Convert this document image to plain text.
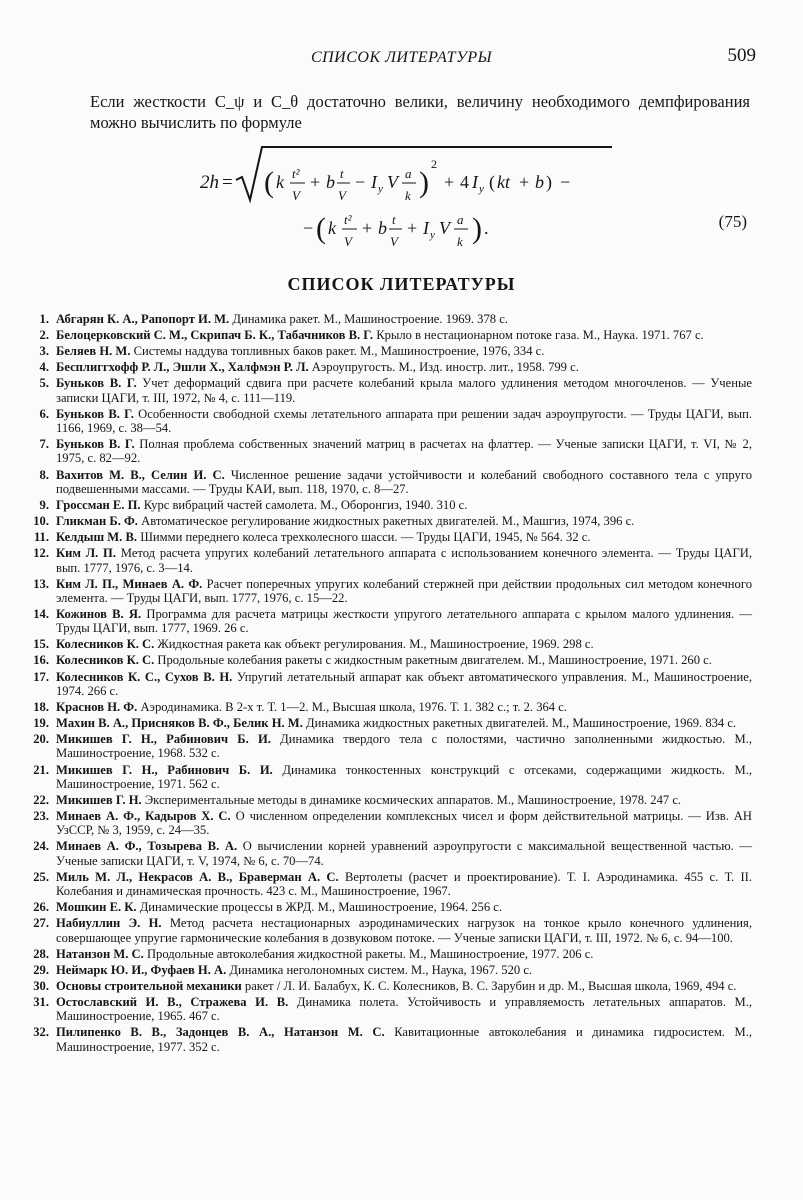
СПИСОК ЛИТЕРАТУРЫ	509
Если жесткости C_ψ и C_θ достаточно велики, величину необходимого демпфирования можно вычислить по формуле
2h = ( k t²
V
+ b t
V
− I y V a
k )
2
+ 4 I y ( kt + b ) −
− ( k t²
V
+ b t
V
+ I y V a
k ) .	(75)
СПИСОК ЛИТЕРАТУРЫ
1. Абгарян К. А., Рапопорт И. М. Динамика ракет. М., Машиностроение. 1969. 378 с.
2. Белоцерковский С. М., Скрипач Б. К., Табачников В. Г. Крыло в нестационарном потоке газа. М., Наука. 1971. 767 с.
3. Беляев Н. М. Системы наддува топливных баков ракет. М., Машиностроение, 1976, 334 с.
4. Бесплиггхофф Р. Л., Эшли Х., Халфмэн Р. Л. Аэроупругость. М., Изд. иностр. лит., 1958. 799 с.
5. Буньков В. Г. Учет деформаций сдвига при расчете колебаний крыла малого удлинения методом многочленов. — Ученые записки ЦАГИ, т. III, 1972, № 4, с. 111—119.
6. Буньков В. Г. Особенности свободной схемы летательного аппарата при решении задач аэроупругости. — Труды ЦАГИ, вып. 1166, 1969, с. 38—54.
7. Буньков В. Г. Полная проблема собственных значений матриц в расчетах на флаттер. — Ученые записки ЦАГИ, т. VI, № 2, 1975, с. 82—92.
8. Вахитов М. В., Селин И. С. Численное решение задачи устойчивости и колебаний свободного составного тела с упруго подвешенными массами. — Труды КАИ, вып. 118, 1970, с. 8—27.
9. Гроссман Е. П. Курс вибраций частей самолета. М., Оборонгиз, 1940. 310 с.
10. Гликман Б. Ф. Автоматическое регулирование жидкостных ракетных двигателей. М., Машгиз, 1974, 396 с.
11. Келдыш М. В. Шимми переднего колеса трехколесного шасси. — Труды ЦАГИ, 1945, № 564. 32 с.
12. Ким Л. П. Метод расчета упругих колебаний летательного аппарата с использованием конечного элемента. — Труды ЦАГИ, вып. 1777, 1976, с. 3—14.
13. Ким Л. П., Минаев А. Ф. Расчет поперечных упругих колебаний стержней при действии продольных сил методом конечного элемента. — Труды ЦАГИ, вып. 1777, 1976, с. 15—22.
14. Кожинов В. Я. Программа для расчета матрицы жесткости упругого летательного аппарата с крылом малого удлинения. — Труды ЦАГИ, вып. 1777, 1969. 26 с.
15. Колесников К. С. Жидкостная ракета как объект регулирования. М., Машиностроение, 1969. 298 с.
16. Колесников К. С. Продольные колебания ракеты с жидкостным ракетным двигателем. М., Машиностроение, 1971. 260 с.
17. Колесников К. С., Сухов В. Н. Упругий летательный аппарат как объект автоматического управления. М., Машиностроение, 1974. 266 с.
18. Краснов Н. Ф. Аэродинамика. В 2-х т. Т. 1—2. М., Высшая школа, 1976. Т. 1. 382 с.; т. 2. 364 с.
19. Махин В. А., Присняков В. Ф., Белик Н. М. Динамика жидкостных ракетных двигателей. М., Машиностроение, 1969. 834 с.
20. Микишев Г. Н., Рабинович Б. И. Динамика твердого тела с полостями, частично заполненными жидкостью. М., Машиностроение, 1968. 532 с.
21. Микишев Г. Н., Рабинович Б. И. Динамика тонкостенных конструкций с отсеками, содержащими жидкость. М., Машиностроение, 1971. 562 с.
22. Микишев Г. Н. Экспериментальные методы в динамике космических аппаратов. М., Машиностроение, 1978. 247 с.
23. Минаев А. Ф., Кадыров Х. С. О численном определении комплексных чисел и форм действительной матрицы. — Изв. АН УзССР, № 3, 1959, с. 24—35.
24. Минаев А. Ф., Тозырева В. А. О вычислении корней уравнений аэроупругости с максимальной вещественной частью. — Ученые записки ЦАГИ, т. V, 1974, № 6, с. 70—74.
25. Миль М. Л., Некрасов А. В., Браверман А. С. Вертолеты (расчет и проектирование). Т. I. Аэродинамика. 455 с. Т. II. Колебания и динамическая прочность. 423 с. М., Машиностроение, 1967.
26. Мошкин Е. К. Динамические процессы в ЖРД. М., Машиностроение, 1964. 256 с.
27. Набиуллин Э. Н. Метод расчета нестационарных аэродинамических нагрузок на тонкое крыло конечного удлинения, совершающее упругие гармонические колебания в дозвуковом потоке. — Ученые записки ЦАГИ, т. III, 1972. № 6, с. 94—100.
28. Натанзон М. С. Продольные автоколебания жидкостной ракеты. М., Машиностроение, 1977. 206 с.
29. Неймарк Ю. И., Фуфаев Н. А. Динамика неголономных систем. М., Наука, 1967. 520 с.
30. Основы строительной механики ракет / Л. И. Балабух, К. С. Колесников, В. С. Зарубин и др. М., Высшая школа, 1969, 494 с.
31. Остославский И. В., Стражева И. В. Динамика полета. Устойчивость и управляемость летательных аппаратов. М., Машиностроение, 1965. 467 с.
32. Пилипенко В. В., Задонцев В. А., Натанзон М. С. Кавитационные автоколебания и динамика гидросистем. М., Машиностроение, 1977. 352 с.
